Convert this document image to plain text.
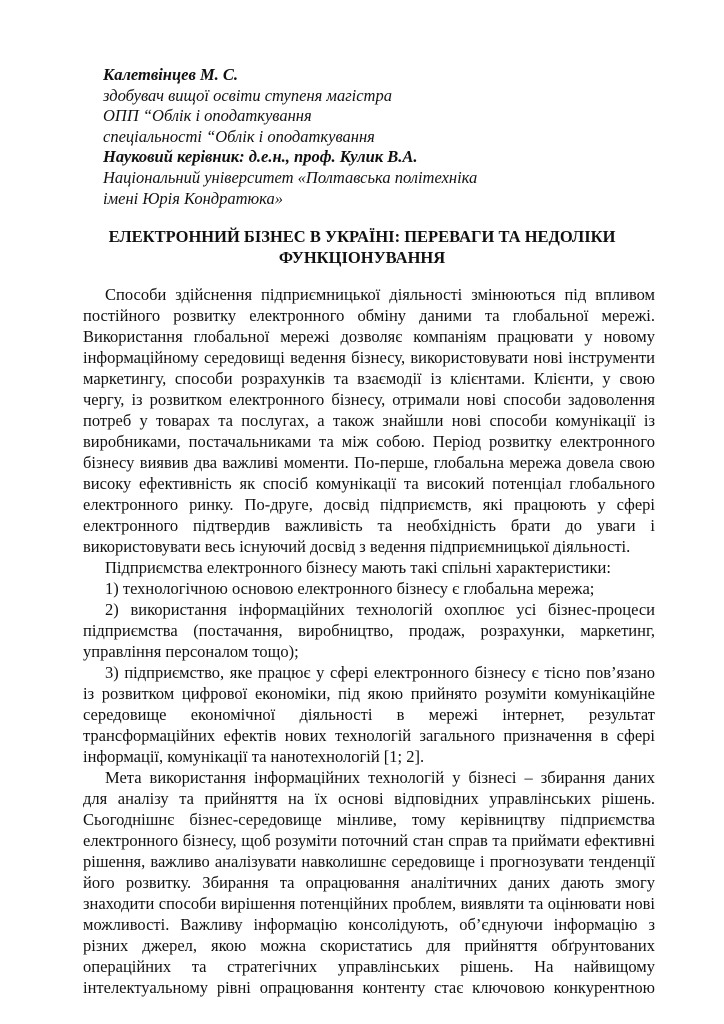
Калетвінцев М. С.
здобувач вищої освіти ступеня магістра
ОПП “Облік і оподаткування
спеціальності “Облік і оподаткування
Науковий керівник: д.е.н., проф. Кулик В.А.
Національний університет «Полтавська політехніка
імені Юрія Кондратюка»
ЕЛЕКТРОННИЙ БІЗНЕС В УКРАЇНІ: ПЕРЕВАГИ ТА НЕДОЛІКИ
ФУНКЦІОНУВАННЯ
Способи здійснення підприємницької діяльності змінюються під впливом
постійного розвитку електронного обміну даними та глобальної мережі.
Використання глобальної мережі дозволяє компаніям працювати у новому
інформаційному середовищі ведення бізнесу, використовувати нові інструменти
маркетингу, способи розрахунків та взаємодії із клієнтами. Клієнти, у свою
чергу, із розвитком електронного бізнесу, отримали нові способи задоволення
потреб у товарах та послугах, а також знайшли нові способи комунікації із
виробниками, постачальниками та між собою. Період розвитку електронного
бізнесу виявив два важливі моменти. По-перше, глобальна мережа довела свою
високу ефективність як спосіб комунікації та високий потенціал глобального
електронного ринку. По-друге, досвід підприємств, які працюють у сфері
електронного підтвердив важливість та необхідність брати до уваги і
використовувати весь існуючий досвід з ведення підприємницької діяльності.
Підприємства електронного бізнесу мають такі спільні характеристики:
1) технологічною основою електронного бізнесу є глобальна мережа;
2) використання інформаційних технологій охоплює усі бізнес-процеси
підприємства (постачання, виробництво, продаж, розрахунки, маркетинг,
управління персоналом тощо);
3) підприємство, яке працює у сфері електронного бізнесу є тісно пов’язано
із розвитком цифрової економіки, під якою прийнято розуміти комунікаційне
середовище економічної діяльності в мережі інтернет, результат
трансформаційних ефектів нових технологій загального призначення в сфері
інформації, комунікації та нанотехнологій [1; 2].
Мета використання інформаційних технологій у бізнесі – збирання даних
для аналізу та прийняття на їх основі відповідних управлінських рішень.
Сьогоднішнє бізнес-середовище мінливе, тому керівництву підприємства
електронного бізнесу, щоб розуміти поточний стан справ та приймати ефективні
рішення, важливо аналізувати навколишнє середовище і прогнозувати тенденції
його розвитку. Збирання та опрацювання аналітичних даних дають змогу
знаходити способи вирішення потенційних проблем, виявляти та оцінювати нові
можливості. Важливу інформацію консолідують, об’єднуючи інформацію з
різних джерел, якою можна скористатись для прийняття обґрунтованих
операційних та стратегічних управлінських рішень. На найвищому
інтелектуальному рівні опрацювання контенту стає ключовою конкурентною
